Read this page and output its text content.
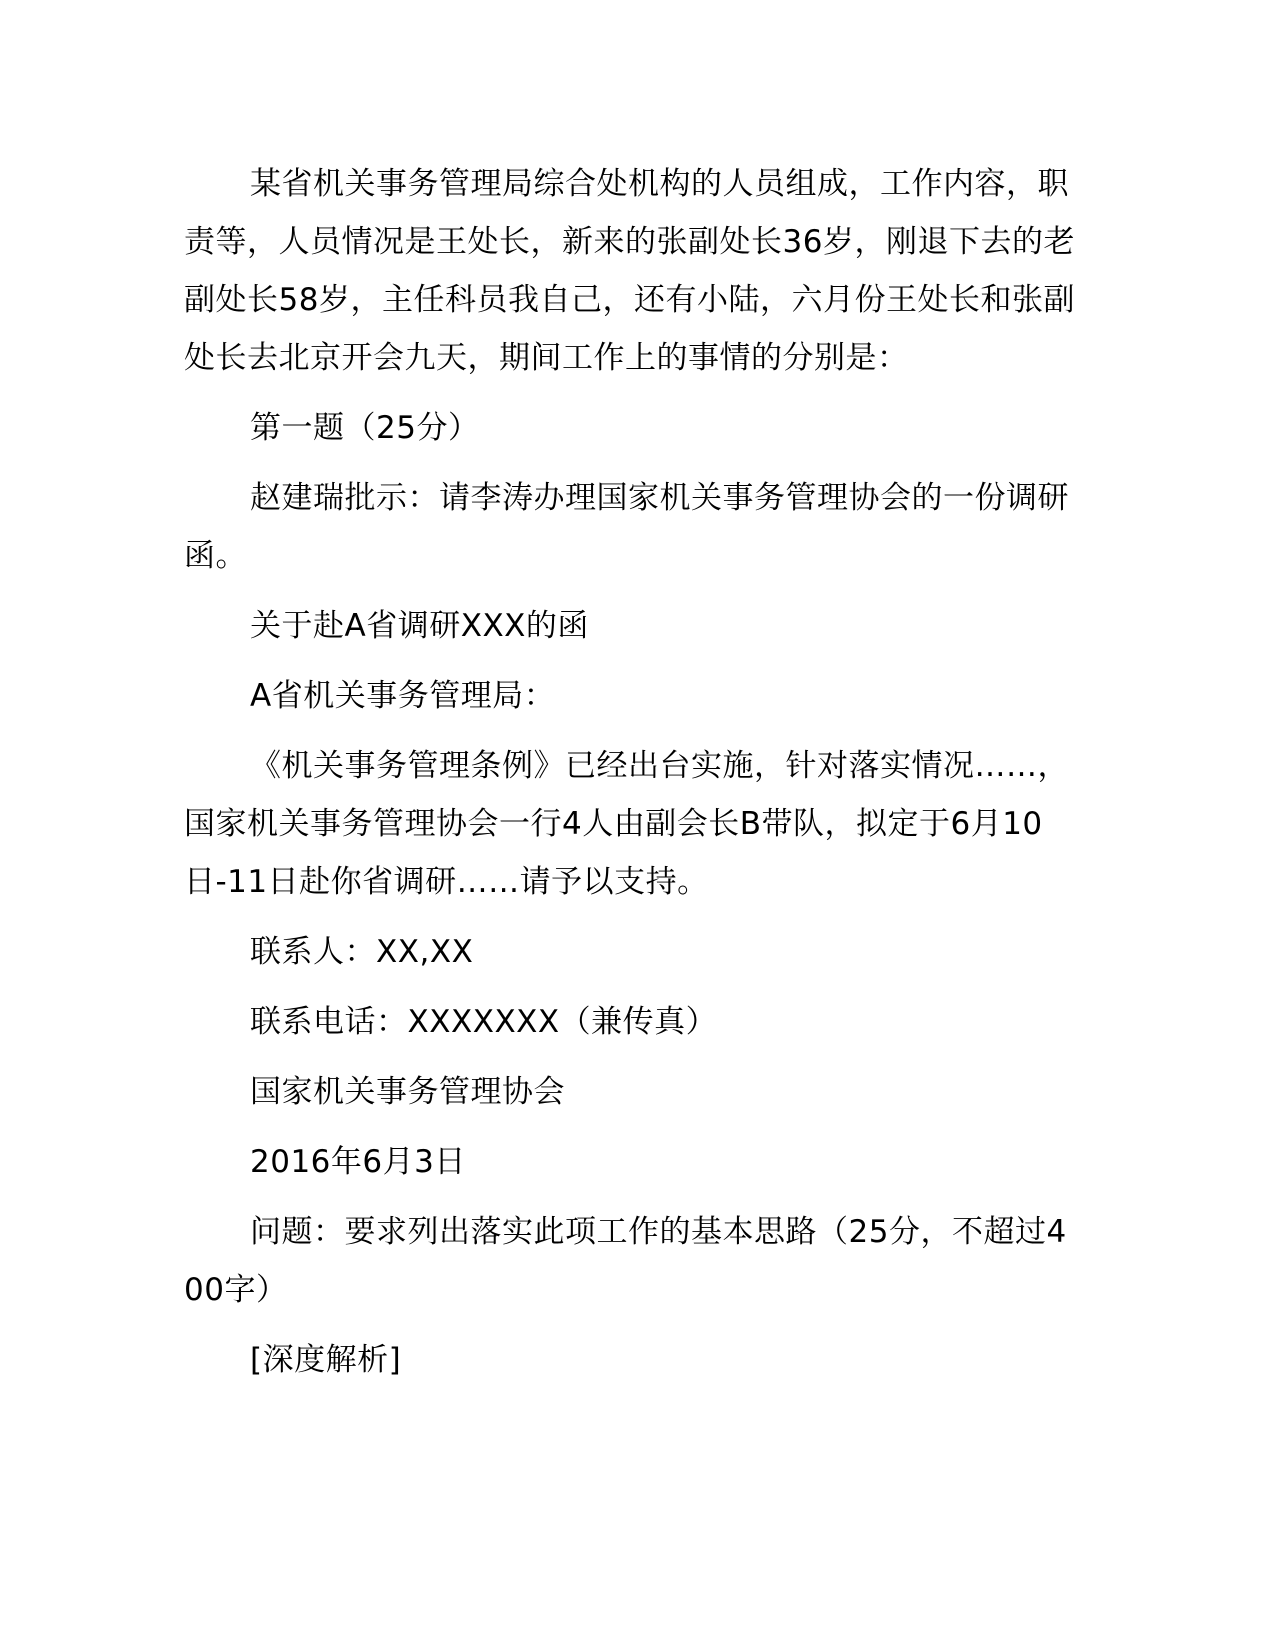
某省机关事务管理局综合处机构的人员组成，工作内容，职责等，人员情况是王处长，新来的张副处长36岁，刚退下去的老副处长58岁，主任科员我自己，还有小陆，六月份王处长和张副处长去北京开会九天，期间工作上的事情的分别是：

第一题（25分）

赵建瑞批示：请李涛办理国家机关事务管理协会的一份调研函。

关于赴A省调研XXX的函

A省机关事务管理局：

《机关事务管理条例》已经出台实施，针对落实情况……，国家机关事务管理协会一行4人由副会长B带队，拟定于6月10日-11日赴你省调研……请予以支持。

联系人：XX,XX

联系电话：XXXXXXX（兼传真）

国家机关事务管理协会

2016年6月3日

问题：要求列出落实此项工作的基本思路（25分，不超过400字）

[深度解析]
